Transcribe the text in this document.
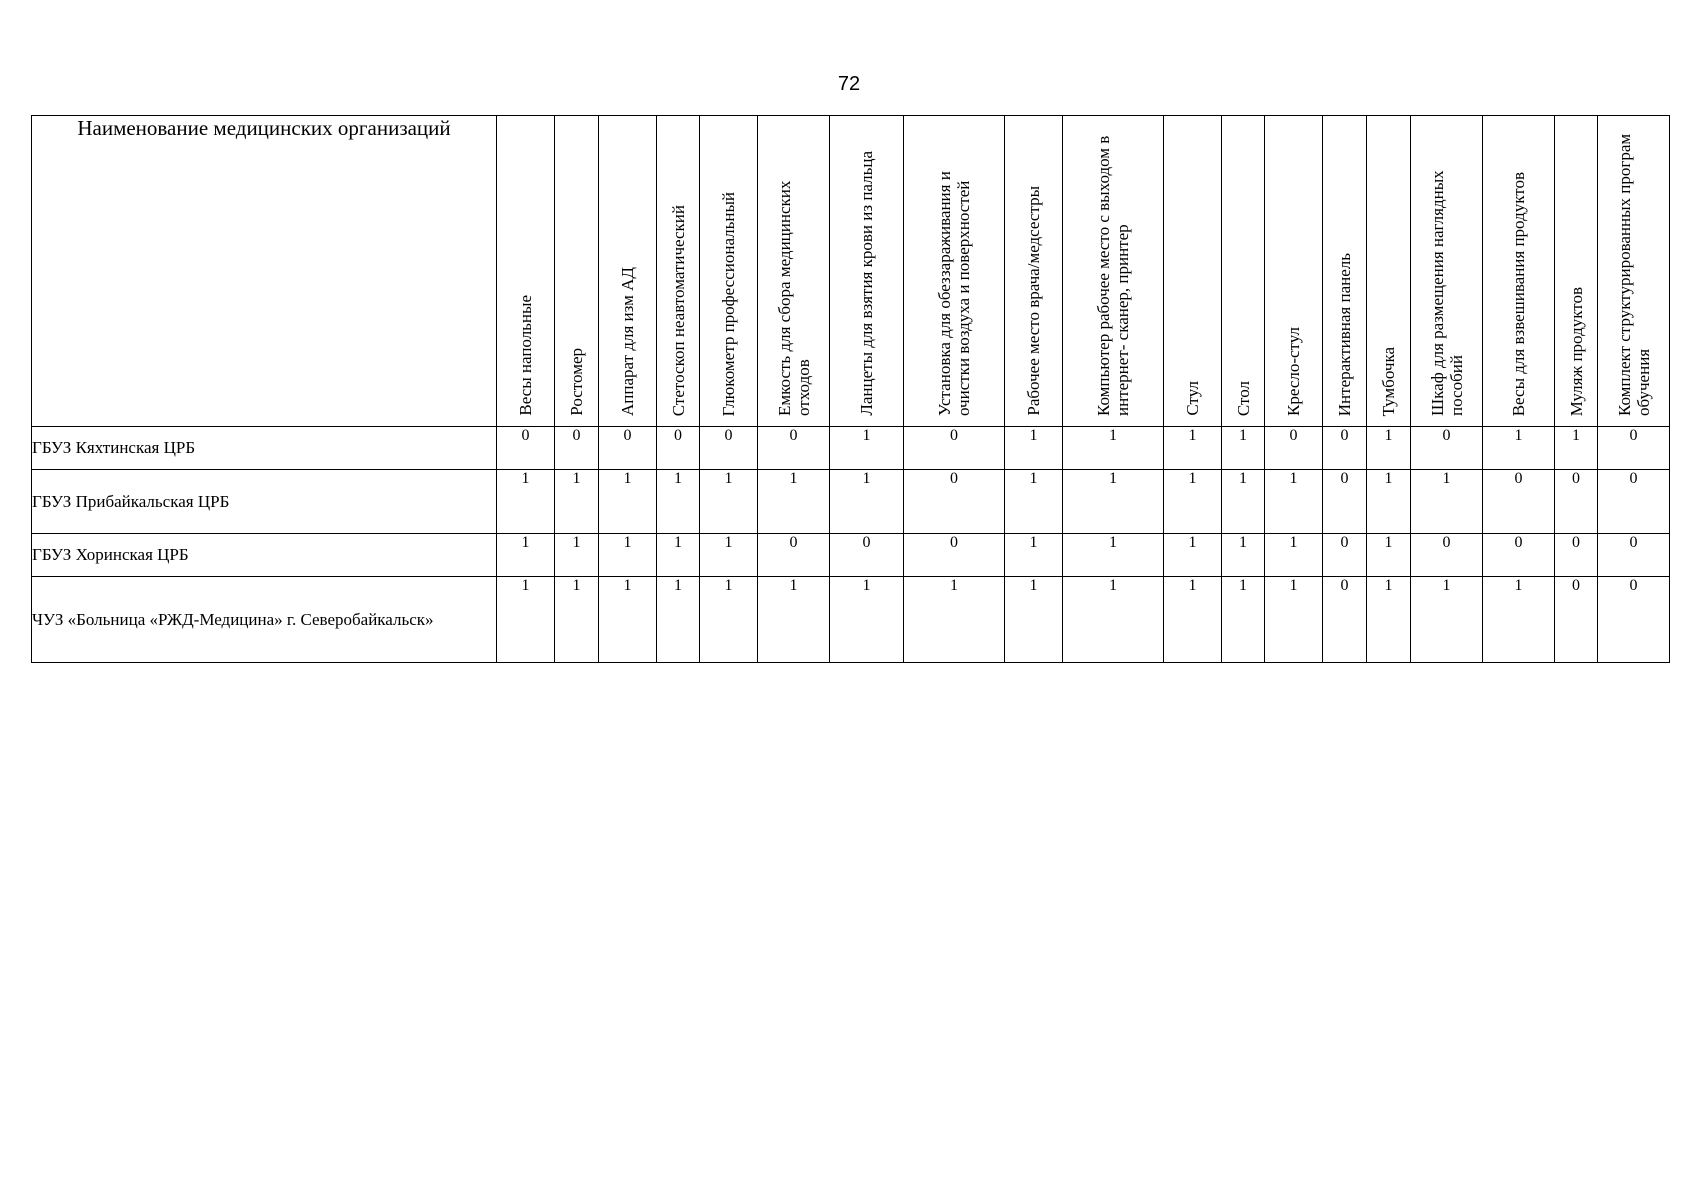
72
Наименование медицинских организаций	Весы напольные	Ростомер	Аппарат для изм АД	Стетоскоп неавтоматический	Глюкометр профессиональный	Емкость для сбора медицинских отходов	Ланцеты для взятия крови из пальца	Установка для обеззараживания и очистки воздуха и поверхностей	Рабочее место врача/медсестры	Компьютер рабочее место с выходом в интернет- сканер, принтер	Стул	Стол	Кресло-стул	Интерактивная панель	Тумбочка	Шкаф для размещения наглядных пособий	Весы для взвешивания продуктов	Муляж продуктов	Комплект структурированных програм обучения

ГБУЗ Кяхтинская ЦРБ	0	0	0	0	0	0	1	0	1	1	1	1	0	0	1	0	1	1	0
ГБУЗ Прибайкальская ЦРБ	1	1	1	1	1	1	1	0	1	1	1	1	1	0	1	1	0	0	0
ГБУЗ Хоринская ЦРБ	1	1	1	1	1	0	0	0	1	1	1	1	1	0	1	0	0	0	0
ЧУЗ «Больница «РЖД-Медицина» г. Северобайкальск»	1	1	1	1	1	1	1	1	1	1	1	1	1	0	1	1	1	0	0
